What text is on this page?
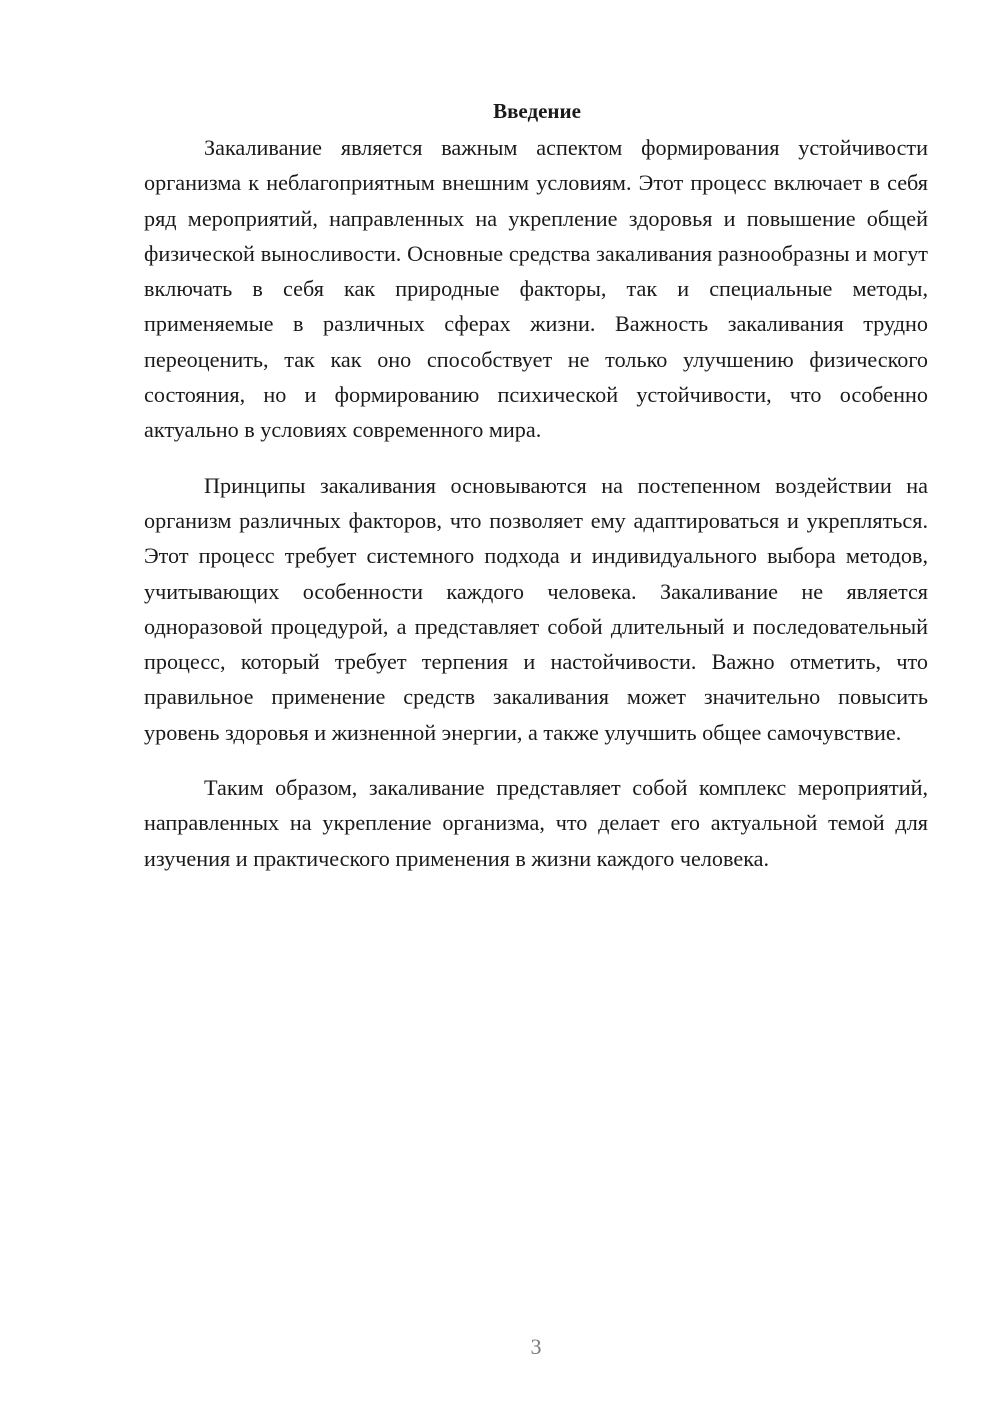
Введение

Закаливание является важным аспектом формирования устойчивости организма к неблагоприятным внешним условиям. Этот процесс включает в себя ряд мероприятий, направленных на укрепление здоровья и повышение общей физической выносливости. Основные средства закаливания разнообразны и могут включать в себя как природные факторы, так и специальные методы, применяемые в различных сферах жизни. Важность закаливания трудно переоценить, так как оно способствует не только улучшению физического состояния, но и формированию психической устойчивости, что особенно актуально в условиях современного мира.

Принципы закаливания основываются на постепенном воздействии на организм различных факторов, что позволяет ему адаптироваться и укрепляться. Этот процесс требует системного подхода и индивидуального выбора методов, учитывающих особенности каждого человека. Закаливание не является одноразовой процедурой, а представляет собой длительный и последовательный процесс, который требует терпения и настойчивости. Важно отметить, что правильное применение средств закаливания может значительно повысить уровень здоровья и жизненной энергии, а также улучшить общее самочувствие.

Таким образом, закаливание представляет собой комплекс мероприятий, направленных на укрепление организма, что делает его актуальной темой для изучения и практического применения в жизни каждого человека.

3
